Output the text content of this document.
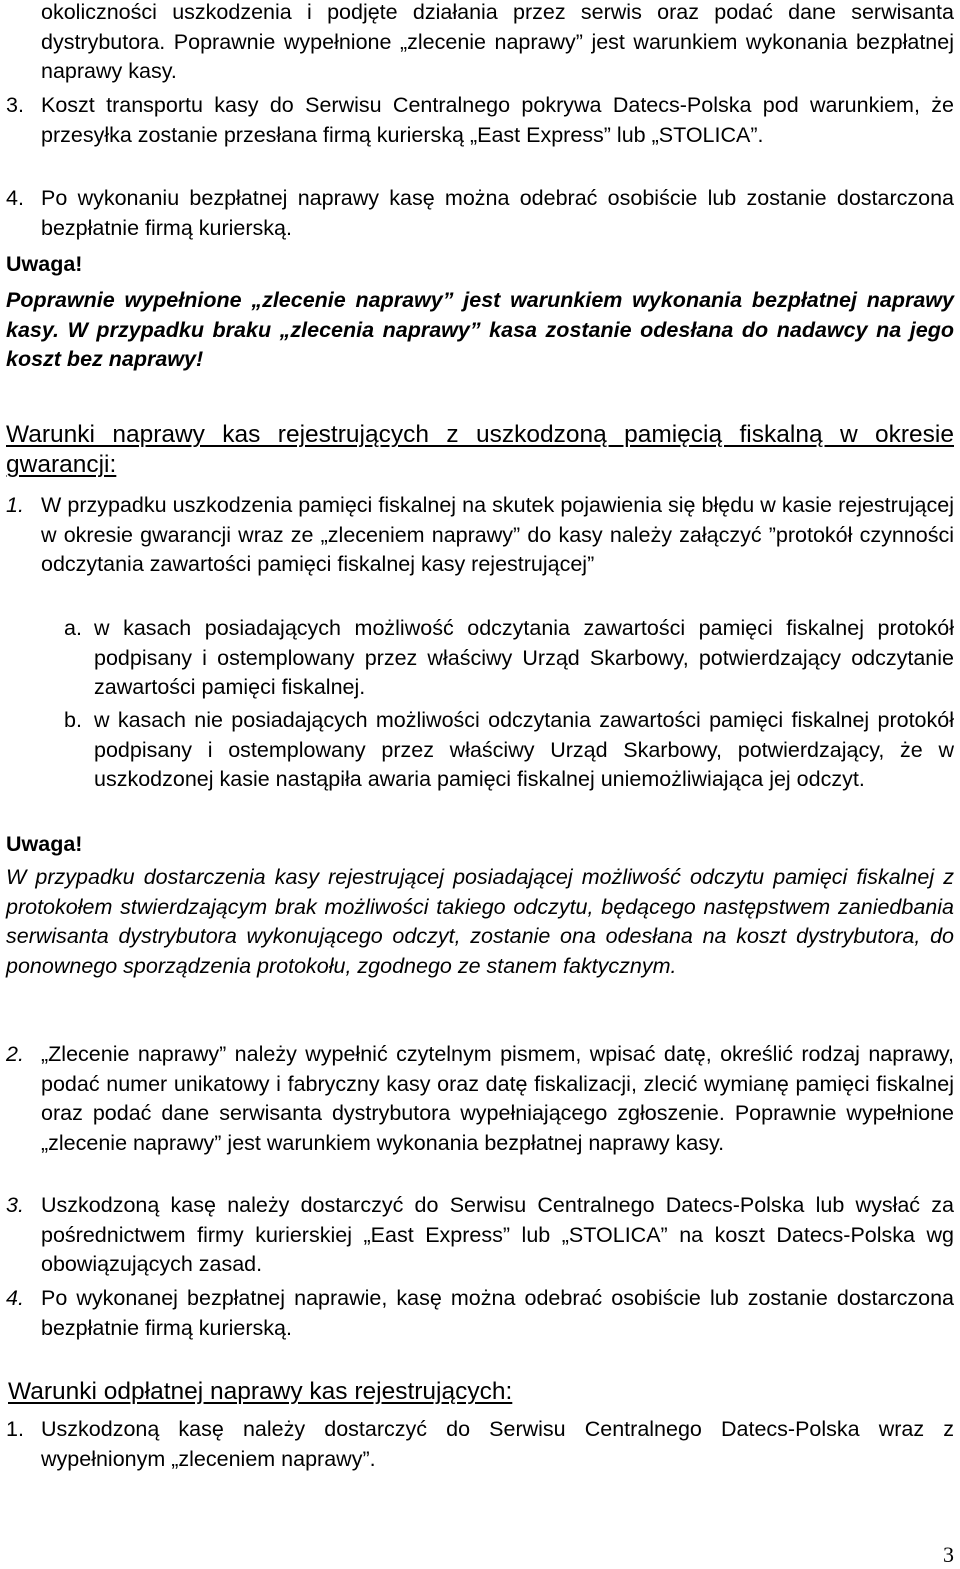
okoliczności uszkodzenia i podjęte działania przez serwis oraz podać dane serwisanta dystrybutora. Poprawnie wypełnione „zlecenie naprawy” jest warunkiem wykonania bezpłatnej naprawy kasy.
3. Koszt transportu kasy do Serwisu Centralnego pokrywa Datecs-Polska pod warunkiem, że przesyłka zostanie przesłana firmą kurierską „East Express” lub „STOLICA”.
4. Po wykonaniu bezpłatnej naprawy kasę można odebrać osobiście lub zostanie dostarczona bezpłatnie firmą kurierską.
Uwaga!
Poprawnie wypełnione „zlecenie naprawy” jest warunkiem wykonania bezpłatnej naprawy kasy. W przypadku braku „zlecenia naprawy” kasa zostanie odesłana do nadawcy na jego koszt bez naprawy!
Warunki naprawy kas rejestrujących z uszkodzoną pamięcią fiskalną w okresie gwarancji:
1. W przypadku uszkodzenia pamięci fiskalnej na skutek pojawienia się błędu w kasie rejestrującej w okresie gwarancji wraz ze „zleceniem naprawy” do kasy należy załączyć ”protokół czynności odczytania zawartości pamięci fiskalnej kasy rejestrującej”
a. w kasach posiadających możliwość odczytania zawartości pamięci fiskalnej protokół podpisany i ostemplowany przez właściwy Urząd Skarbowy, potwierdzający odczytanie zawartości pamięci fiskalnej.
b. w kasach nie posiadających możliwości odczytania zawartości pamięci fiskalnej protokół podpisany i ostemplowany przez właściwy Urząd Skarbowy, potwierdzający, że w uszkodzonej kasie nastąpiła awaria pamięci fiskalnej uniemożliwiająca jej odczyt.
Uwaga!
W przypadku dostarczenia kasy rejestrującej posiadającej możliwość odczytu pamięci fiskalnej z protokołem stwierdzającym brak możliwości takiego odczytu, będącego następstwem zaniedbania serwisanta dystrybutora wykonującego odczyt, zostanie ona odesłana na koszt dystrybutora, do ponownego sporządzenia protokołu, zgodnego ze stanem faktycznym.
2. „Zlecenie naprawy” należy wypełnić czytelnym pismem, wpisać datę, określić rodzaj naprawy, podać numer unikatowy i fabryczny kasy oraz datę fiskalizacji, zlecić wymianę pamięci fiskalnej oraz podać dane serwisanta dystrybutora wypełniającego zgłoszenie. Poprawnie wypełnione „zlecenie naprawy” jest warunkiem wykonania bezpłatnej naprawy kasy.
3. Uszkodzoną kasę należy dostarczyć do Serwisu Centralnego Datecs-Polska lub wysłać za pośrednictwem firmy kurierskiej „East Express” lub „STOLICA” na koszt Datecs-Polska wg obowiązujących zasad.
4. Po wykonanej bezpłatnej naprawie, kasę można odebrać osobiście lub zostanie dostarczona bezpłatnie firmą kurierską.
Warunki odpłatnej naprawy kas rejestrujących:
1. Uszkodzoną kasę należy dostarczyć do Serwisu Centralnego Datecs-Polska wraz z wypełnionym „zleceniem naprawy”.
3
